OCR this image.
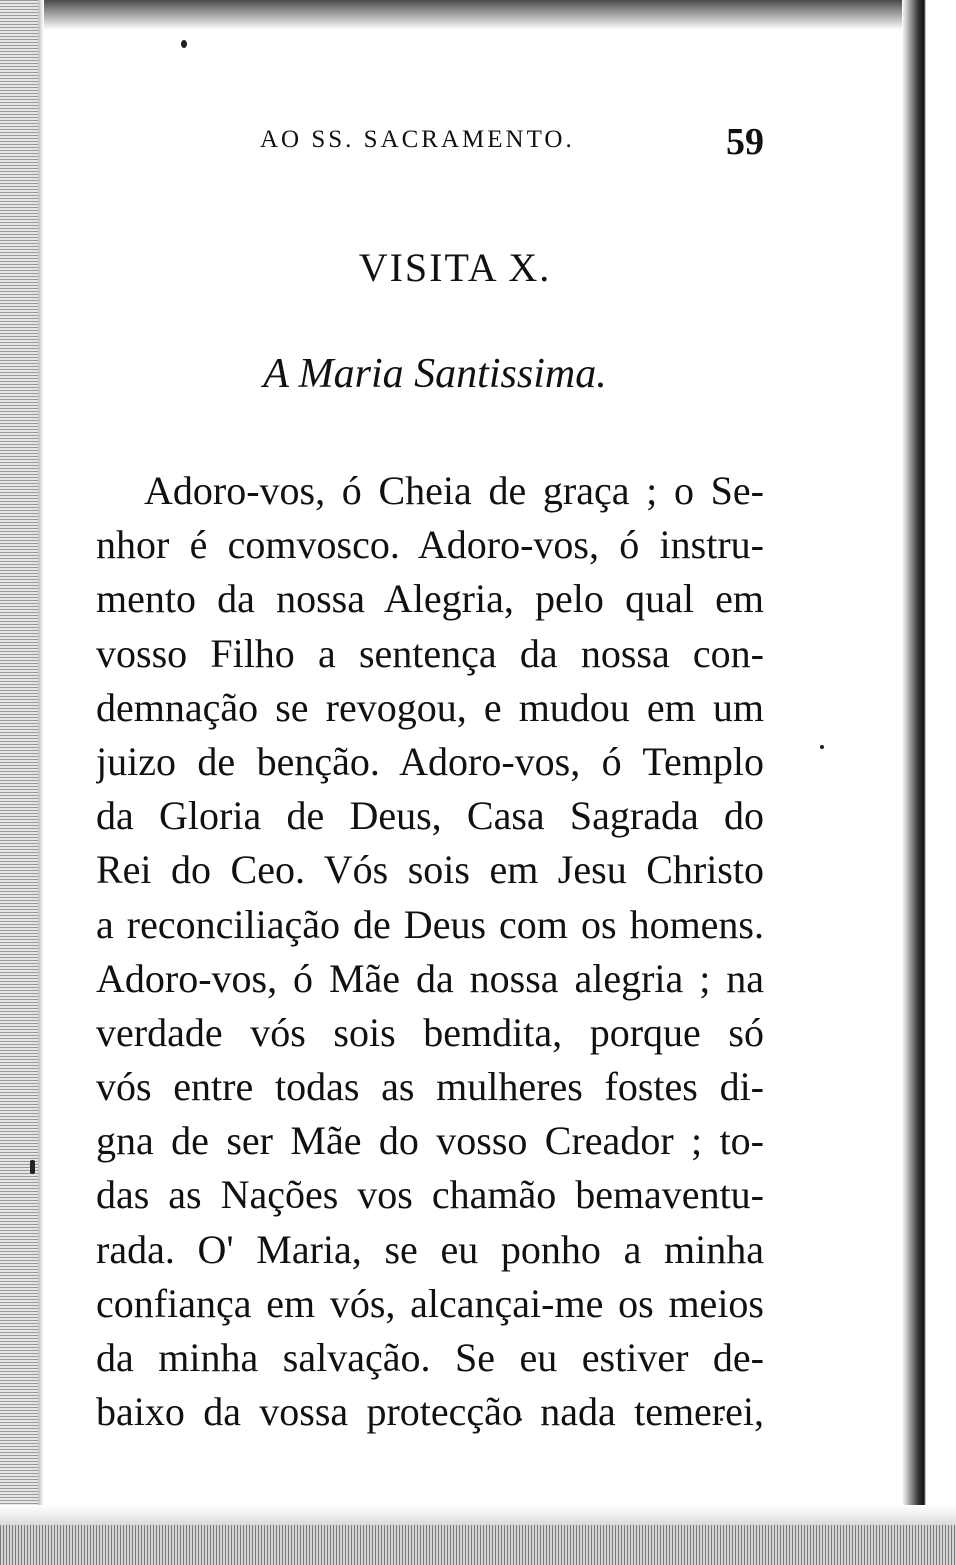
AO SS. SACRAMENTO.	59
VISITA X.
A Maria Santissima.
Adoro-vos, ó Cheia de graça ; o Se-
nhor é comvosco. Adoro-vos, ó instru-
mento da nossa Alegria, pelo qual em
vosso Filho a sentença da nossa con-
demnação se revogou, e mudou em um
juizo de benção. Adoro-vos, ó Templo
da Gloria de Deus, Casa Sagrada do
Rei do Ceo. Vós sois em Jesu Christo
a reconciliação de Deus com os homens.
Adoro-vos, ó Mãe da nossa alegria ; na
verdade vós sois bemdita, porque só
vós entre todas as mulheres fostes di-
gna de ser Mãe do vosso Creador ; to-
das as Nações vos chamão bemaventu-
rada. O' Maria, se eu ponho a minha
confiança em vós, alcançai-me os meios
da minha salvação. Se eu estiver de-
baixo da vossa protecção nada temerei,
